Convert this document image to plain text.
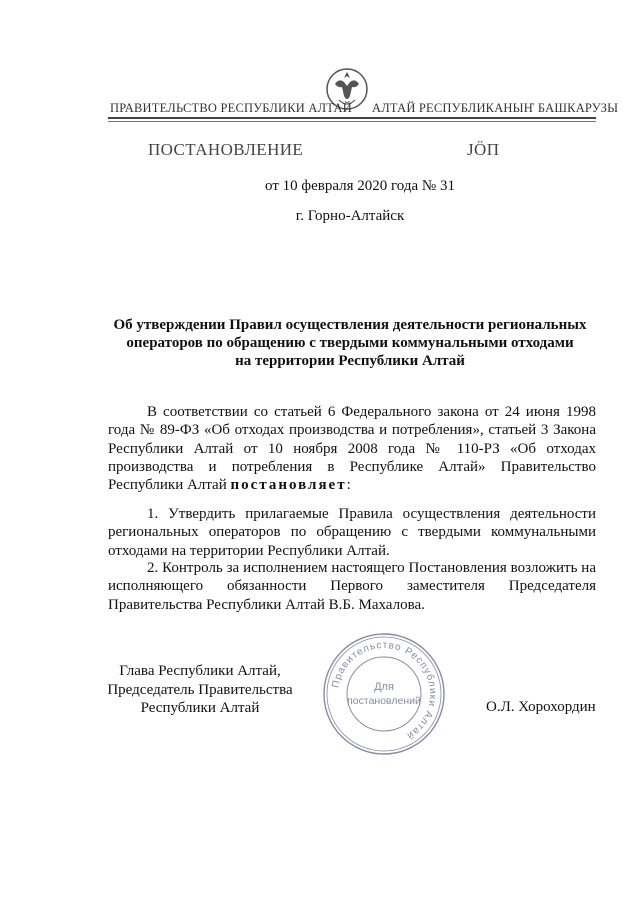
ПРАВИТЕЛЬСТВО РЕСПУБЛИКИ АЛТАЙ АЛТАЙ РЕСПУБЛИКАНЫҤ БАШКАРУЗЫ
ПОСТАНОВЛЕНИЕ	ЈӦП
от 10 февраля 2020 года № 31
г. Горно-Алтайск
Об утверждении Правил осуществления деятельности региональных
операторов по обращению с твердыми коммунальными отходами
на территории Республики Алтай
В соответствии со статьей 6 Федерального закона от 24 июня 1998 года № 89-ФЗ «Об отходах производства и потребления», статьей 3 Закона Республики Алтай от 10 ноября 2008 года № 110-РЗ «Об отходах производства и потребления в Республике Алтай» Правительство Республики Алтай постановляет:
1. Утвердить прилагаемые Правила осуществления деятельности региональных операторов по обращению с твердыми коммунальными отходами на территории Республики Алтай.
2. Контроль за исполнением настоящего Постановления возложить на исполняющего обязанности Первого заместителя Председателя Правительства Республики Алтай В.Б. Махалова.
Глава Республики Алтай,
Председатель Правительства
Республики Алтай
Правительство Республики Алтай
Для
постановлений	О.Л. Хорохордин
